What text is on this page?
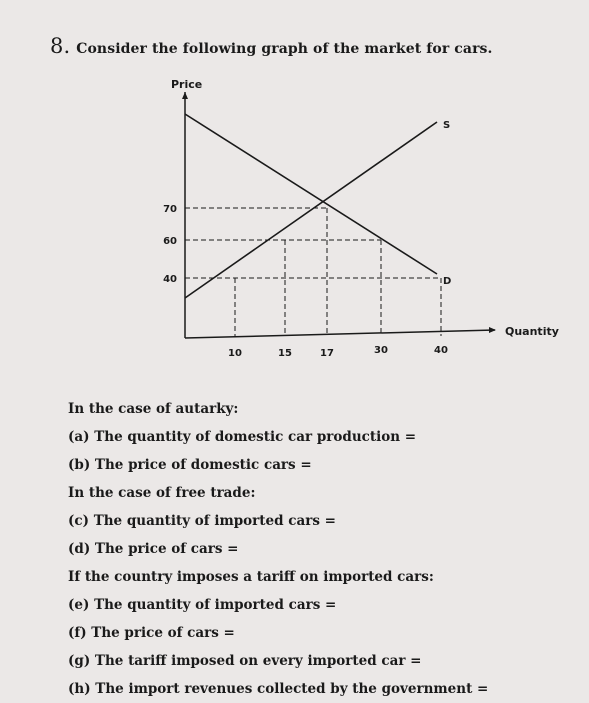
8. Consider the following graph of the market for cars.
S
D
Price
Quantity
70
60
40
10	15	17	30	40
In the case of autarky:
(a) The quantity of domestic car production =
(b) The price of domestic cars =
In the case of free trade:
(c) The quantity of imported cars =
(d) The price of cars =
If the country imposes a tariff on imported cars:
(e) The quantity of imported cars =
(f) The price of cars =
(g) The tariff imposed on every imported car =
(h) The import revenues collected by the government =
